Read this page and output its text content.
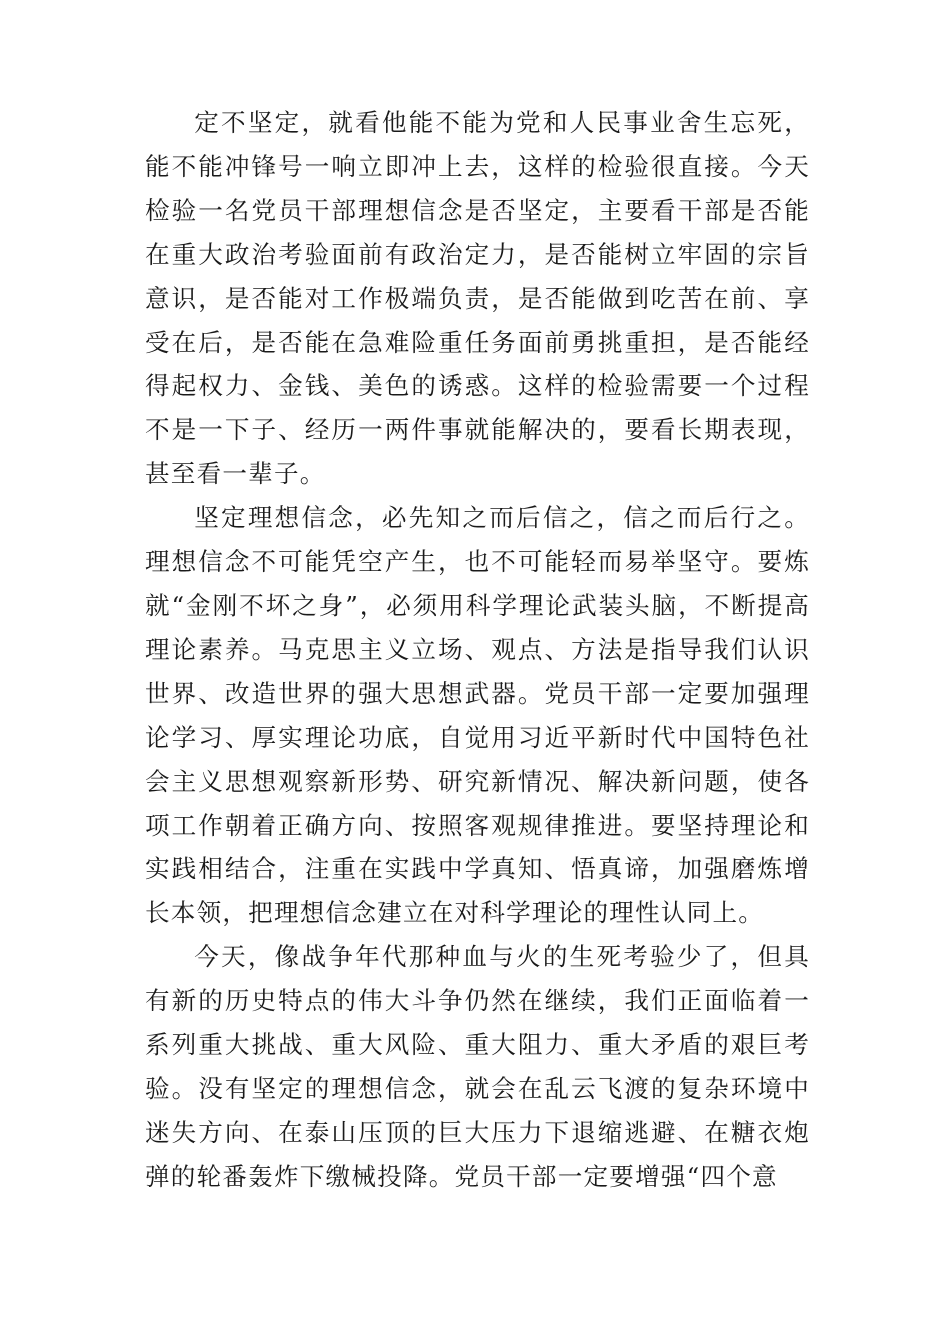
定不坚定，就看他能不能为党和人民事业舍生忘死，能不能冲锋号一响立即冲上去，这样的检验很直接。今天检验一名党员干部理想信念是否坚定，主要看干部是否能在重大政治考验面前有政治定力，是否能树立牢固的宗旨意识，是否能对工作极端负责，是否能做到吃苦在前、享受在后，是否能在急难险重任务面前勇挑重担，是否能经得起权力、金钱、美色的诱惑。这样的检验需要一个过程不是一下子、经历一两件事就能解决的，要看长期表现，甚至看一辈子。

坚定理想信念，必先知之而后信之，信之而后行之。理想信念不可能凭空产生，也不可能轻而易举坚守。要炼就“金刚不坏之身”，必须用科学理论武装头脑，不断提高理论素养。马克思主义立场、观点、方法是指导我们认识世界、改造世界的强大思想武器。党员干部一定要加强理论学习、厚实理论功底，自觉用习近平新时代中国特色社会主义思想观察新形势、研究新情况、解决新问题，使各项工作朝着正确方向、按照客观规律推进。要坚持理论和实践相结合，注重在实践中学真知、悟真谛，加强磨炼增长本领，把理想信念建立在对科学理论的理性认同上。

今天，像战争年代那种血与火的生死考验少了，但具有新的历史特点的伟大斗争仍然在继续，我们正面临着一系列重大挑战、重大风险、重大阻力、重大矛盾的艰巨考验。没有坚定的理想信念，就会在乱云飞渡的复杂环境中迷失方向、在泰山压顶的巨大压力下退缩逃避、在糖衣炮弹的轮番轰炸下缴械投降。党员干部一定要增强“四个意
